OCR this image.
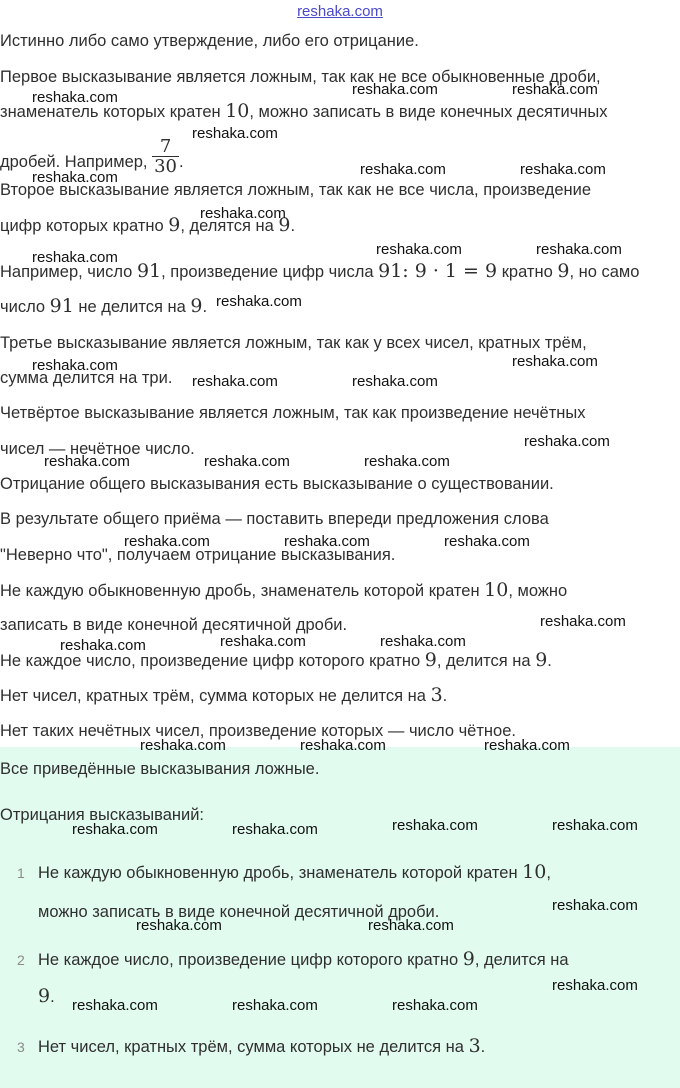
reshaka.com
Истинно либо само утверждение, либо его отрицание.
Первое высказывание является ложным, так как не все обыкновенные дроби,
знаменатель которых кратен 10, можно записать в виде конечных десятичных
дробей. Например, $\frac{7}{30}$ .
Второе высказывание является ложным, так как не все числа, произведение
цифр которых кратно 9, делятся на 9.
Например, число 91, произведение цифр числа 91: 9 · 1 = 9 кратно 9, но само
число 91 не делится на 9.
Третье высказывание является ложным, так как у всех чисел, кратных трём,
сумма делится на три.
Четвёртое высказывание является ложным, так как произведение нечётных
чисел — нечётное число.
Отрицание общего высказывания есть высказывание о существовании.
В результате общего приёма — поставить впереди предложения слова
"Неверно что", получаем отрицание высказывания.
Не каждую обыкновенную дробь, знаменатель которой кратен 10, можно
записать в виде конечной десятичной дроби.
Не каждое число, произведение цифр которого кратно 9, делится на 9.
Нет чисел, кратных трём, сумма которых не делится на 3.
Нет таких нечётных чисел, произведение которых — число чётное.
Все приведённые высказывания ложные.
Отрицания высказываний:
1 Не каждую обыкновенную дробь, знаменатель которой кратен 10,
можно записать в виде конечной десятичной дроби.
2 Не каждое число, произведение цифр которого кратно 9, делится на
9.
3 Нет чисел, кратных трём, сумма которых не делится на 3.
reshaka.com	reshaka.com	reshaka.com
reshaka.com
reshaka.com	reshaka.com	reshaka.com
reshaka.com
reshaka.com	reshaka.com	reshaka.com
reshaka.com
reshaka.com	reshaka.com
reshaka.com	reshaka.com
reshaka.com
reshaka.com	reshaka.com	reshaka.com
reshaka.com	reshaka.com	reshaka.com
reshaka.com
reshaka.com	reshaka.com	reshaka.com
reshaka.com	reshaka.com	reshaka.com
reshaka.com	reshaka.com	reshaka.com	reshaka.com
reshaka.com
reshaka.com	reshaka.com
reshaka.com
reshaka.com	reshaka.com	reshaka.com
